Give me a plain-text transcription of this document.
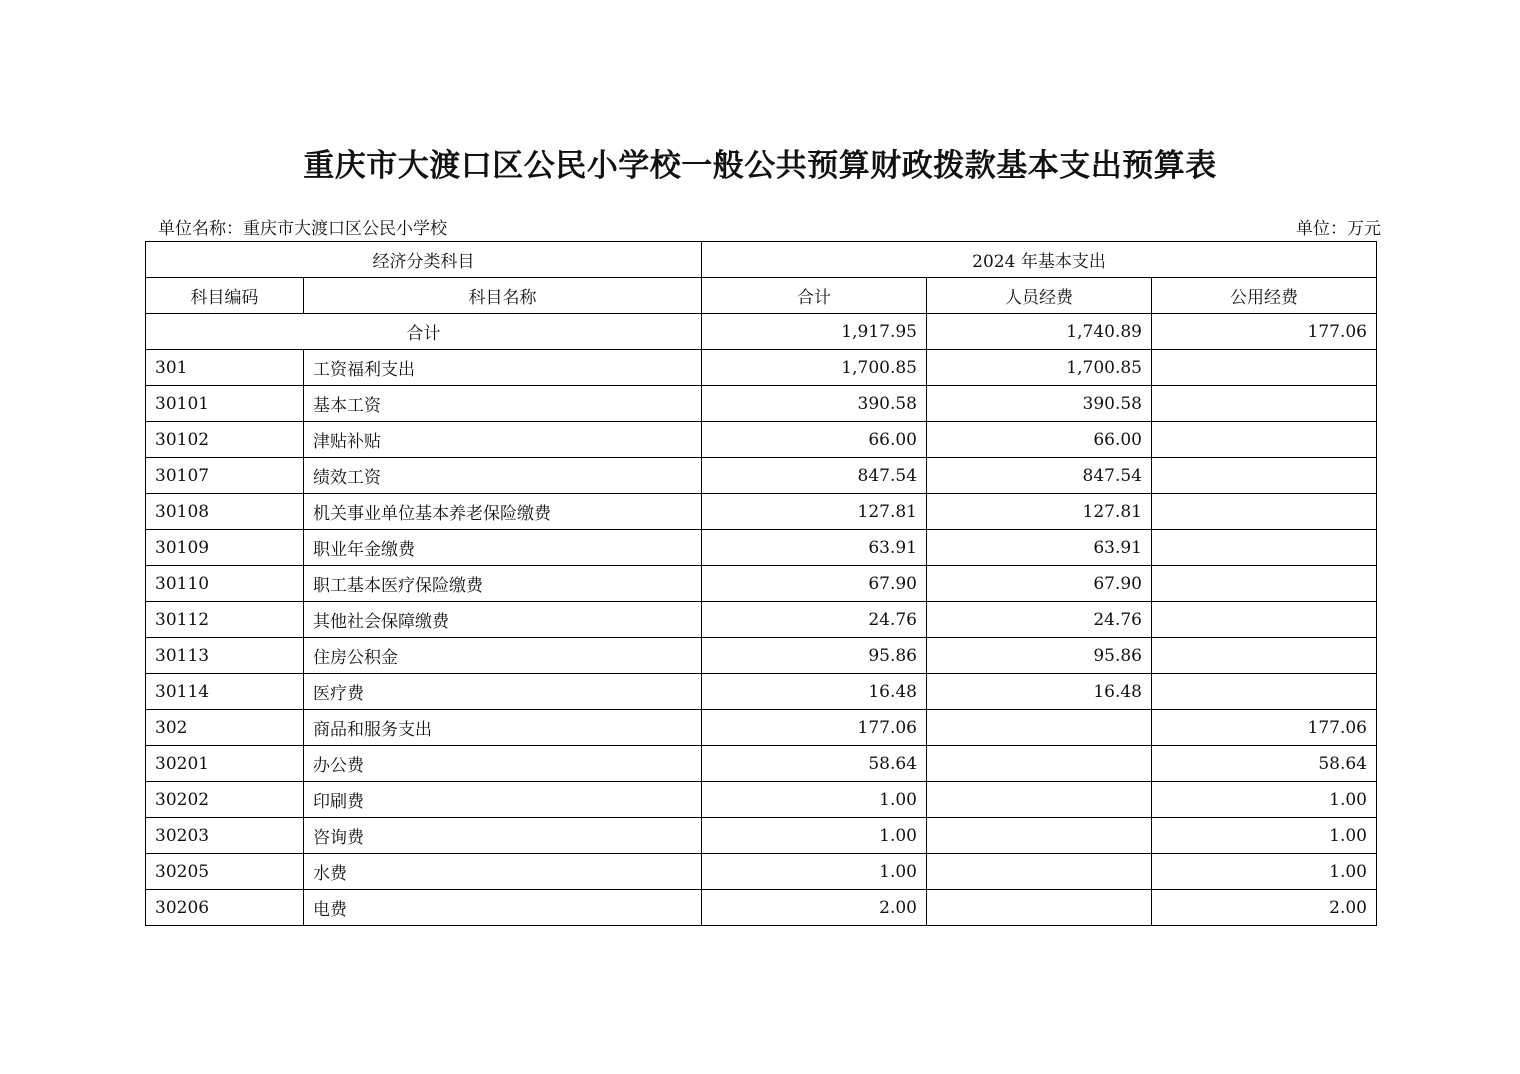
重庆市大渡口区公民小学校一般公共预算财政拨款基本支出预算表
单位名称：重庆市大渡口区公民小学校	单位：万元
经济分类科目		2024 年基本支出		
科目编码	科目名称	合计	人员经费	公用经费
合计		1,917.95	1,740.89	177.06
301	工资福利支出	1,700.85	1,700.85	
30101	基本工资	390.58	390.58	
30102	津贴补贴	66.00	66.00	
30107	绩效工资	847.54	847.54	
30108	机关事业单位基本养老保险缴费	127.81	127.81	
30109	职业年金缴费	63.91	63.91	
30110	职工基本医疗保险缴费	67.90	67.90	
30112	其他社会保障缴费	24.76	24.76	
30113	住房公积金	95.86	95.86	
30114	医疗费	16.48	16.48	
302	商品和服务支出	177.06		177.06
30201	办公费	58.64		58.64
30202	印刷费	1.00		1.00
30203	咨询费	1.00		1.00
30205	水费	1.00		1.00
30206	电费	2.00		2.00
